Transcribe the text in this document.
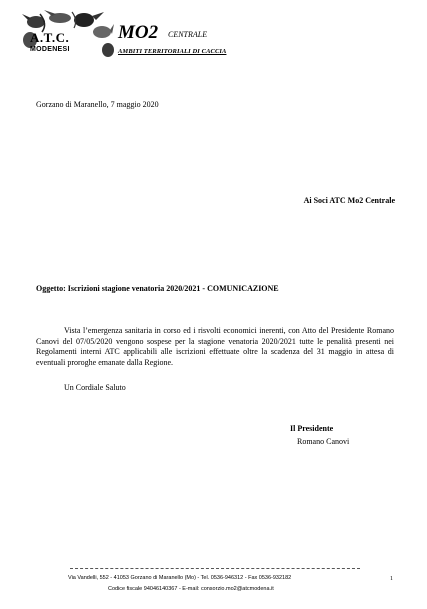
A.T.C.
MODENESI
MO2 CENTRALE
AMBITI TERRITORIALI DI CACCIA
Gorzano di Maranello, 7 maggio 2020
Ai Soci ATC Mo2 Centrale
Oggetto: Iscrizioni stagione venatoria 2020/2021 - COMUNICAZIONE
Vista l’emergenza sanitaria in corso ed i risvolti economici inerenti, con Atto del Presidente Romano Canovi del 07/05/2020 vengono sospese per la stagione venatoria 2020/2021 tutte le penalità presenti nei Regolamenti interni ATC applicabili alle iscrizioni effettuate oltre la scadenza del 31 maggio in attesa di eventuali proroghe emanate dalla Regione.
Un Cordiale Saluto
Il Presidente
Romano Canovi
Via Vandelli, 552 - 41053 Gorzano di Maranello (Mo) - Tel. 0536-946312 - Fax 0536-932182
Codice fiscale 94046140367 - E-mail: consorzio.mo2@atcmodena.it
1
